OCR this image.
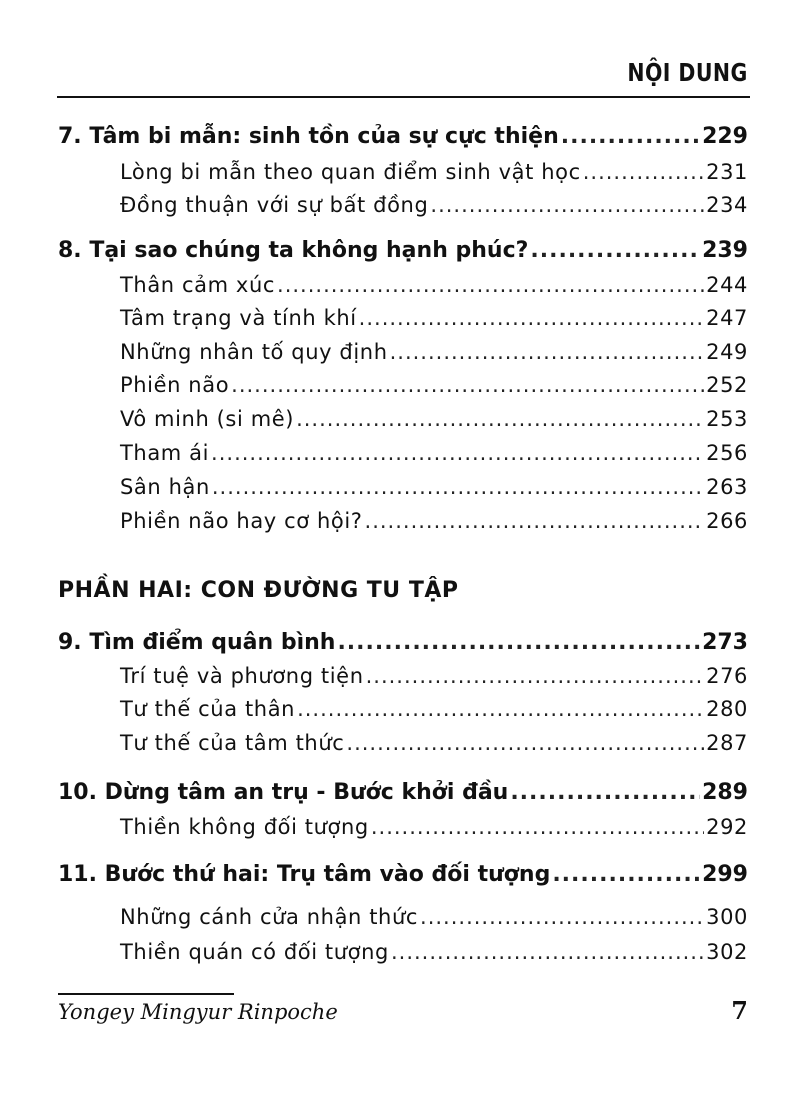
NỘI DUNG
7. Tâm bi mẫn: sinh tồn của sự cực thiện .....	229
Lòng bi mẫn theo quan điểm sinh vật học .....	231
Đồng thuận với sự bất đồng .....	234
8. Tại sao chúng ta không hạnh phúc? .....	239
Thân cảm xúc .....	244
Tâm trạng và tính khí .....	247
Những nhân tố quy định .....	249
Phiền não .....	252
Vô minh (si mê) .....	253
Tham ái .....	256
Sân hận .....	263
Phiền não hay cơ hội? .....	266
PHẦN HAI: CON ĐƯỜNG TU TẬP
9. Tìm điểm quân bình .....	273
Trí tuệ và phương tiện .....	276
Tư thế của thân .....	280
Tư thế của tâm thức .....	287
10. Dừng tâm an trụ - Bước khởi đầu .....	289
Thiền không đối tượng .....	292
11. Bước thứ hai: Trụ tâm vào đối tượng .....	299
Những cánh cửa nhận thức .....	300
Thiền quán có đối tượng .....	302
Yongey Mingyur Rinpoche	7
